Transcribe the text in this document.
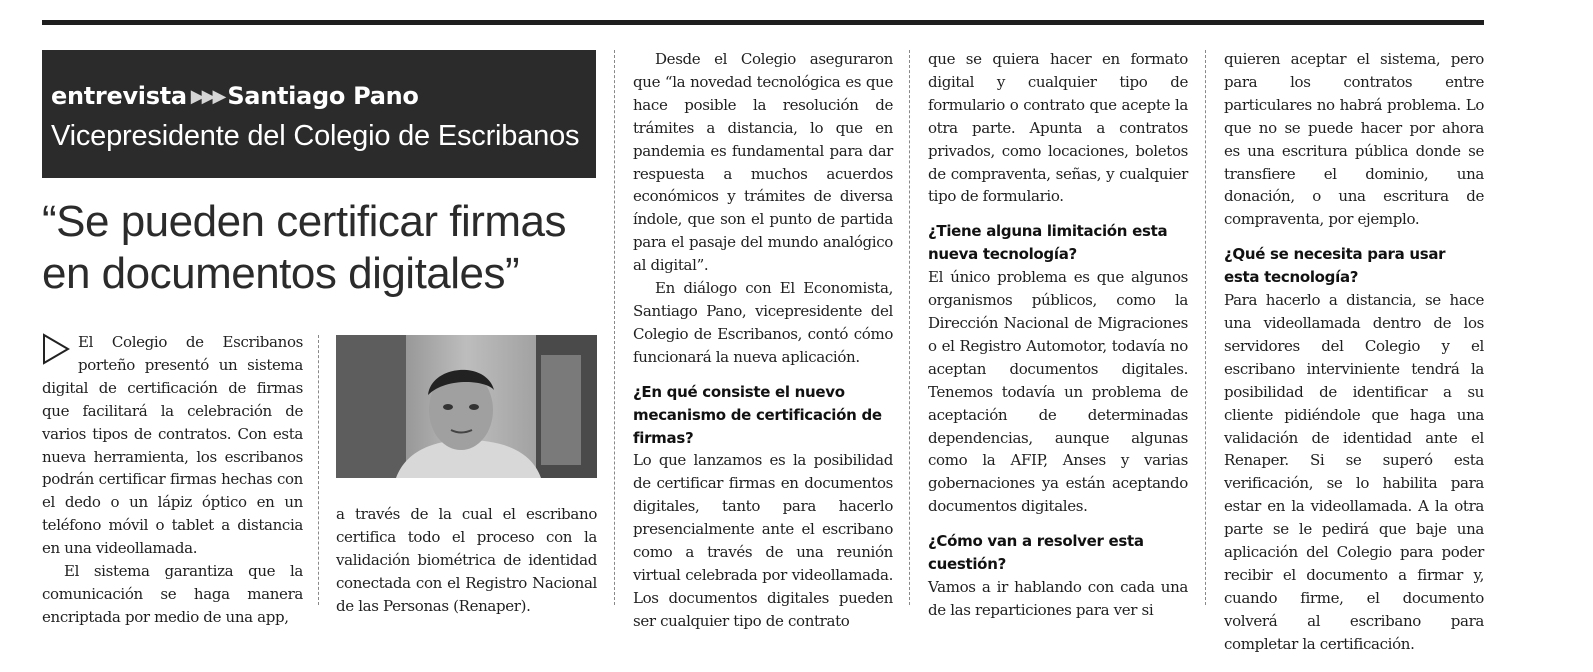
entrevista ▶▶▶ Santiago Pano
Vicepresidente del Colegio de Escribanos
“Se pueden certificar firmas en documentos digitales”

El Colegio de Escribanos porteño presentó un sistema digital de certificación de firmas que facilitará la celebración de varios tipos de contratos. Con esta nueva herramienta, los escribanos podrán certificar firmas hechas con el dedo o un lápiz óptico en un teléfono móvil o tablet a distancia en una videollamada.

El sistema garantiza que la comunicación se haga manera encriptada por medio de una app,

a través de la cual el escribano certifica todo el proceso con la validación biométrica de identidad conectada con el Registro Nacional de las Personas (Renaper).

Desde el Colegio aseguraron que “la novedad tecnológica es que hace posible la resolución de trámites a distancia, lo que en pandemia es fundamental para dar respuesta a muchos acuerdos económicos y trámites de diversa índole, que son el punto de partida para el pasaje del mundo analógico al digital”.

En diálogo con El Economista, Santiago Pano, vicepresidente del Colegio de Escribanos, contó cómo funcionará la nueva aplicación.

¿En qué consiste el nuevo mecanismo de certificación de firmas?

Lo que lanzamos es la posibilidad de certificar firmas en documentos digitales, tanto para hacerlo presencialmente ante el escribano como a través de una reunión virtual celebrada por videollamada. Los documentos digitales pueden ser cualquier tipo de contrato

que se quiera hacer en formato digital y cualquier tipo de formulario o contrato que acepte la otra parte. Apunta a contratos privados, como locaciones, boletos de compraventa, señas, y cualquier tipo de formulario.

¿Tiene alguna limitación esta nueva tecnología?

El único problema es que algunos organismos públicos, como la Dirección Nacional de Migraciones o el Registro Automotor, todavía no aceptan documentos digitales. Tenemos todavía un problema de aceptación de determinadas dependencias, aunque algunas como la AFIP, Anses y varias gobernaciones ya están aceptando documentos digitales.

¿Cómo van a resolver esta cuestión?

Vamos a ir hablando con cada una de las reparticiones para ver si

quieren aceptar el sistema, pero para los contratos entre particulares no habrá problema. Lo que no se puede hacer por ahora es una escritura pública donde se transfiere el dominio, una donación, o una escritura de compraventa, por ejemplo.

¿Qué se necesita para usar esta tecnología?

Para hacerlo a distancia, se hace una videollamada dentro de los servidores del Colegio y el escribano interviniente tendrá la posibilidad de identificar a su cliente pidiéndole que haga una validación de identidad ante el Renaper. Si se superó esta verificación, se lo habilita para estar en la videollamada. A la otra parte se le pedirá que baje una aplicación del Colegio para poder recibir el documento a firmar y, cuando firme, el documento volverá al escribano para completar la certificación.
